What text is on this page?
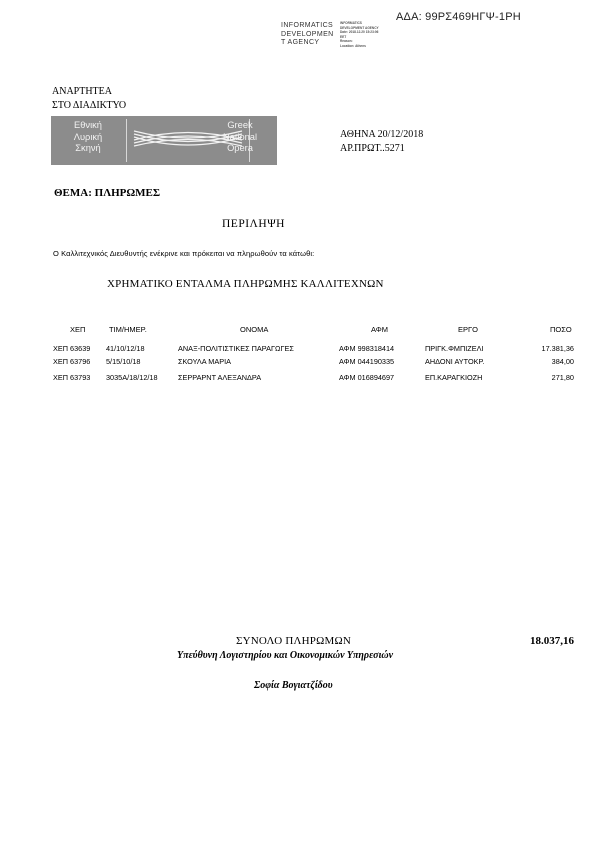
ΑΔΑ: 99ΡΣ469ΗΓΨ-1ΡΗ
INFORMATICS
DEVELOPMEN
T AGENCY
INFORMATICS
DEVELOPMENT AGENCY
Date: 2018.12.20 15:23:06
EET
Reason:
Location: Athens
ΑΝΑΡΤΗΤΕΑ
ΣΤΟ ΔΙΑΔΙΚΤΥΟ
Εθνική
Λυρική
Σκηνή
Greek
National
Opera
ΑΘΗΝΑ 20/12/2018
ΑΡ.ΠΡΩΤ..5271
ΘΕΜΑ: ΠΛΗΡΩΜΕΣ
ΠΕΡΙΛΗΨΗ
Ο Καλλιτεχνικός Διευθυντής ενέκρινε και πρόκειται να πληρωθούν τα κάτωθι:
ΧΡΗΜΑΤΙΚΟ ΕΝΤΑΛΜΑ ΠΛΗΡΩΜΗΣ ΚΑΛΛΙΤΕΧΝΩΝ
ΧΕΠ	ΤΙΜ/ΗΜΕΡ.	ΟΝΟΜΑ	ΑΦΜ	ΕΡΓΟ	ΠΟΣΟ
ΧΕΠ 63639 41/10/12/18	ΑΝΑΞ-ΠΟΛΙΤΙΣΤΙΚΕΣ ΠΑΡΑΓΩΓΕΣ	ΑΦΜ 998318414	ΠΡΙΓΚ.ΦΜΠΙΖΕΛΙ	17.381,36
ΧΕΠ 63796 5/15/10/18	ΣΚΟΥΛΑ ΜΑΡΙΑ	ΑΦΜ 044190335	ΑΗΔΟΝΙ ΑΥΤΟΚΡ.	384,00
ΧΕΠ 63793 3035Α/18/12/18	ΣΕΡΡΑΡΝΤ ΑΛΕΞΑΝΔΡΑ	ΑΦΜ 016894697	ΕΠ.ΚΑΡΑΓΚΙΟΖΗ	271,80
ΣΥΝΟΛΟ ΠΛΗΡΩΜΩΝ	18.037,16
Υπεύθυνη Λογιστηρίου και Οικονομικών Υπηρεσιών
Σοφία Βογιατζίδου
